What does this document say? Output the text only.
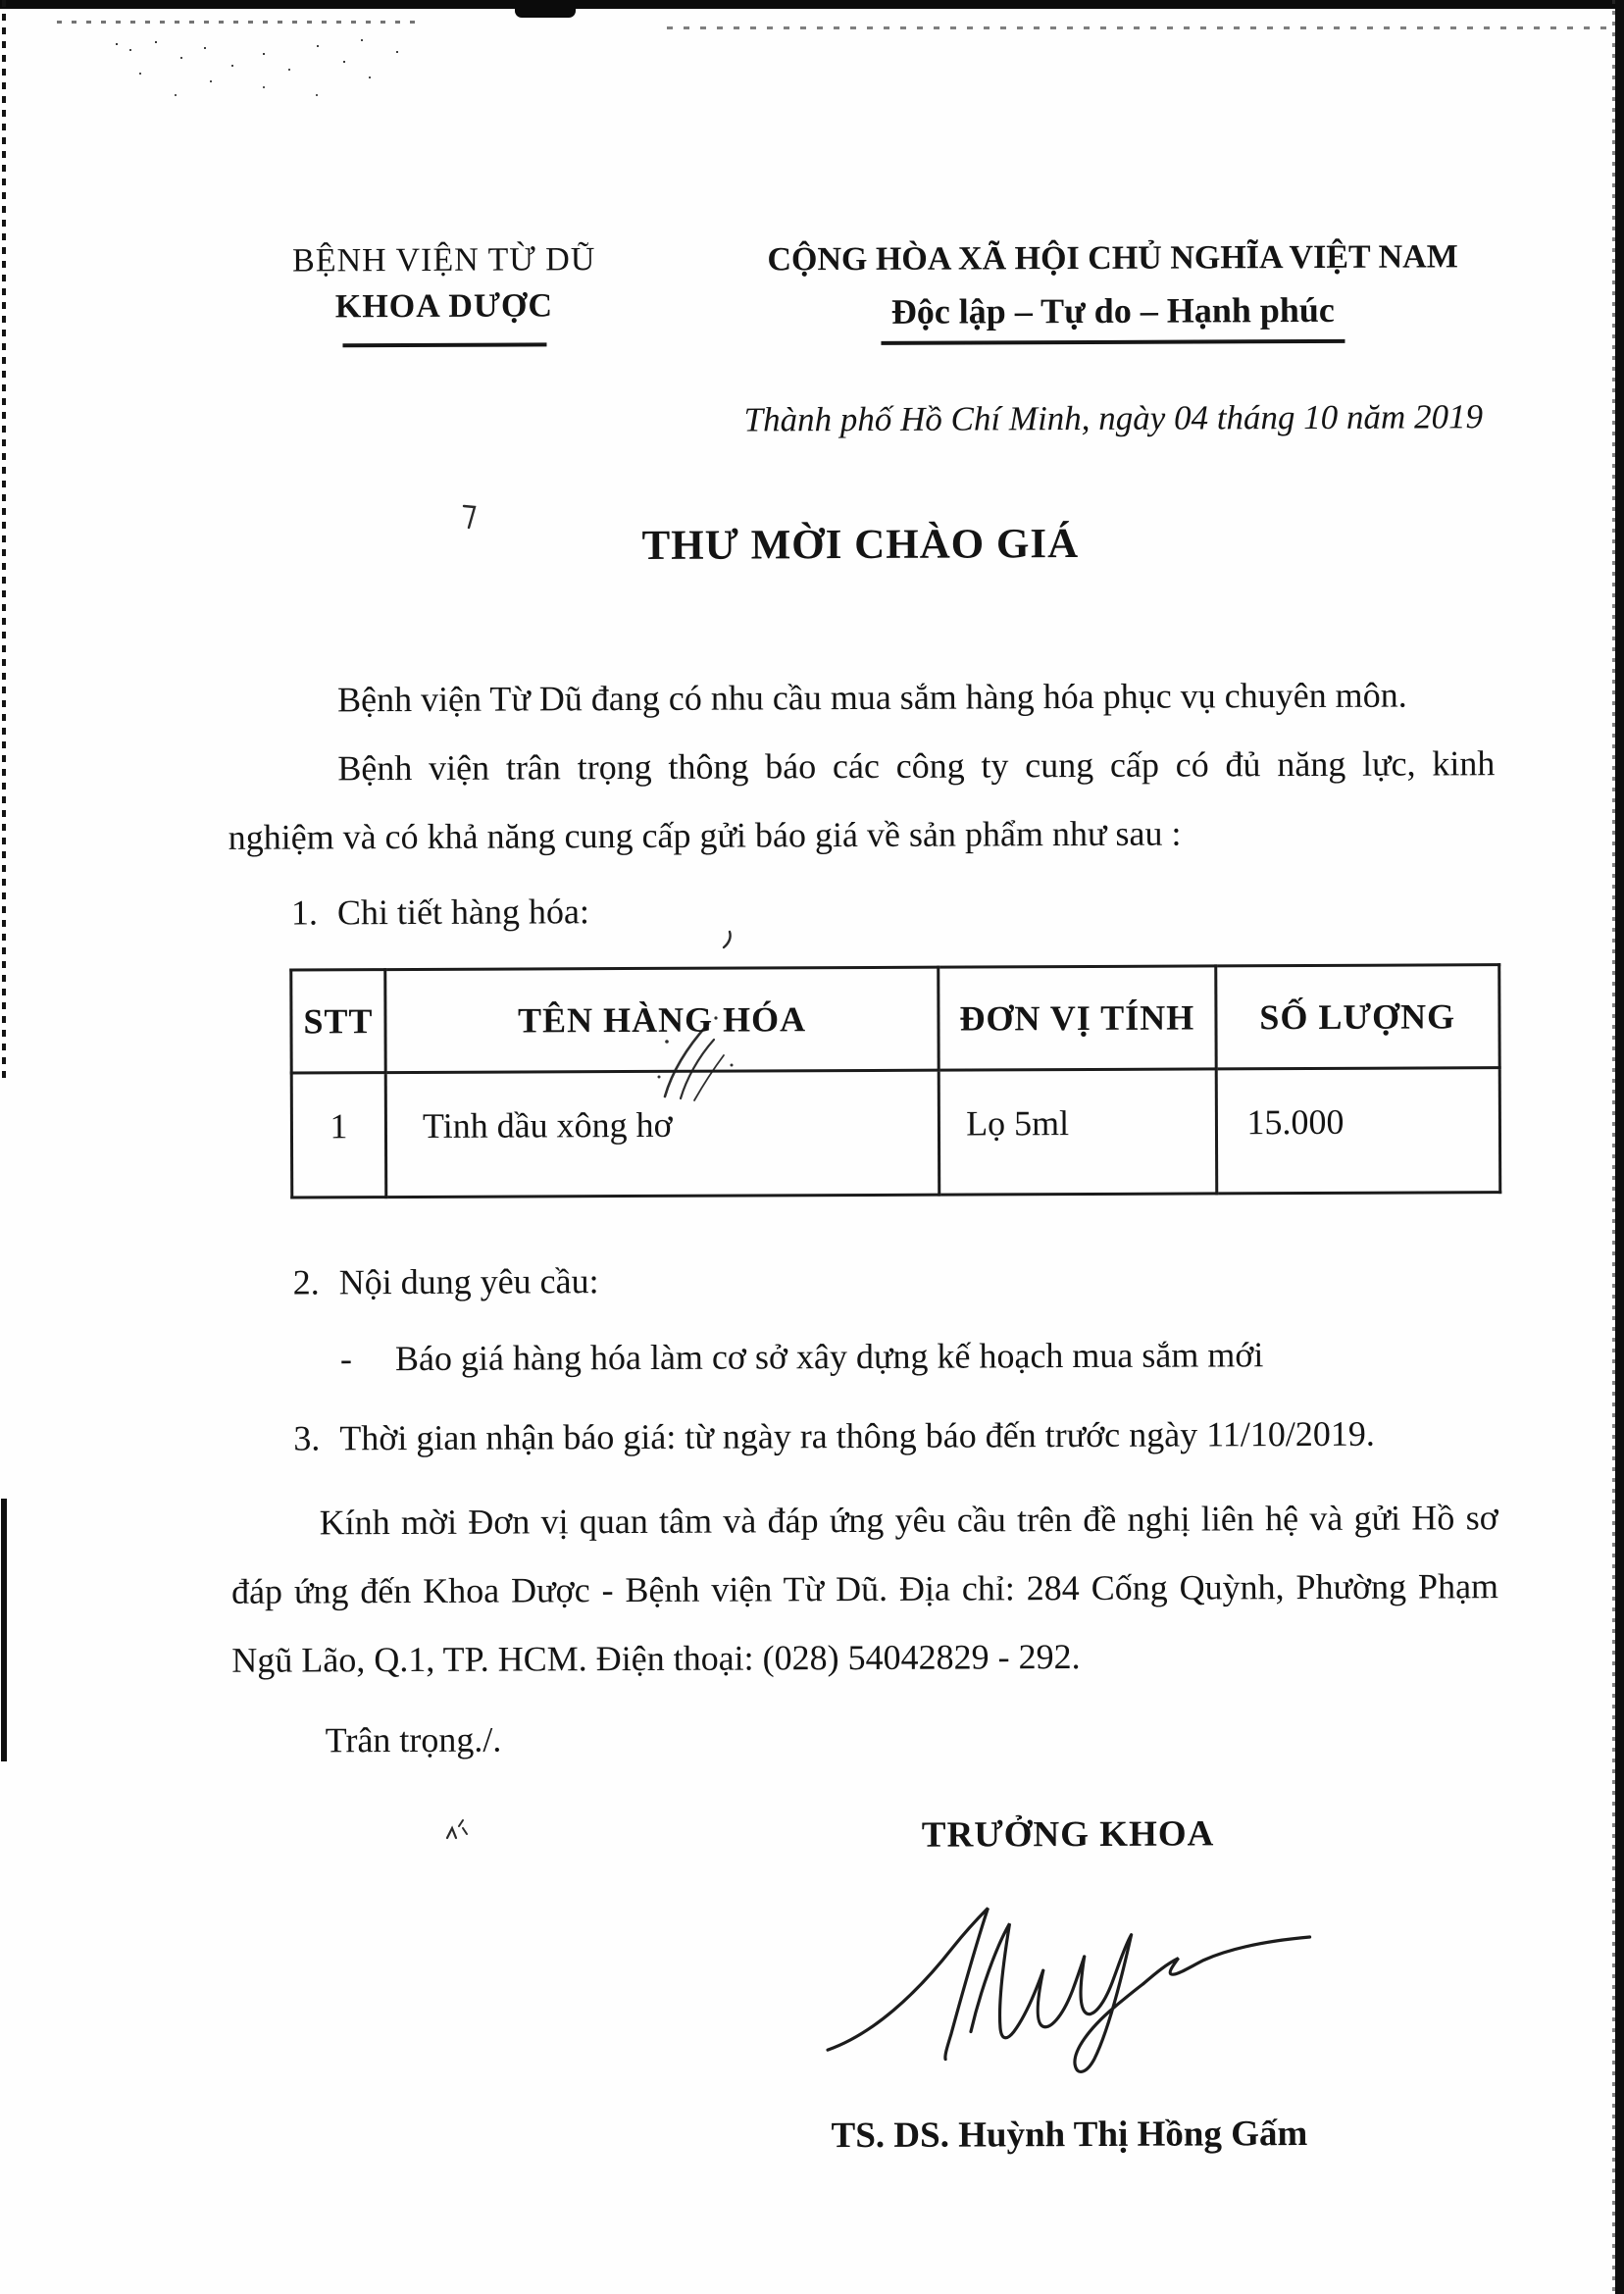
BỆNH VIỆN TỪ DŨ
KHOA DƯỢC
CỘNG HÒA XÃ HỘI CHỦ NGHĨA VIỆT NAM
Độc lập – Tự do – Hạnh phúc
Thành phố Hồ Chí Minh, ngày 04 tháng 10 năm 2019
THƯ MỜI CHÀO GIÁ

Bệnh viện Từ Dũ đang có nhu cầu mua sắm hàng hóa phục vụ chuyên môn.

Bệnh viện trân trọng thông báo các công ty cung cấp có đủ năng lực, kinh nghiệm và có khả năng cung cấp gửi báo giá về sản phẩm như sau :

1. Chi tiết hàng hóa:
STT	TÊN HÀNG HÓA	ĐƠN VỊ TÍNH	SỐ LƯỢNG
1	Tinh dầu xông hơ	Lọ 5ml	15.000
2. Nội dung yêu cầu:
- Báo giá hàng hóa làm cơ sở xây dựng kế hoạch mua sắm mới
3. Thời gian nhận báo giá: từ ngày ra thông báo đến trước ngày 11/10/2019.

Kính mời Đơn vị quan tâm và đáp ứng yêu cầu trên đề nghị liên hệ và gửi Hồ sơ đáp ứng đến Khoa Dược - Bệnh viện Từ Dũ. Địa chỉ: 284 Cống Quỳnh, Phường Phạm Ngũ Lão, Q.1, TP. HCM. Điện thoại: (028) 54042829 - 292.

Trân trọng./.
TRƯỞNG KHOA
TS. DS. Huỳnh Thị Hồng Gấm
